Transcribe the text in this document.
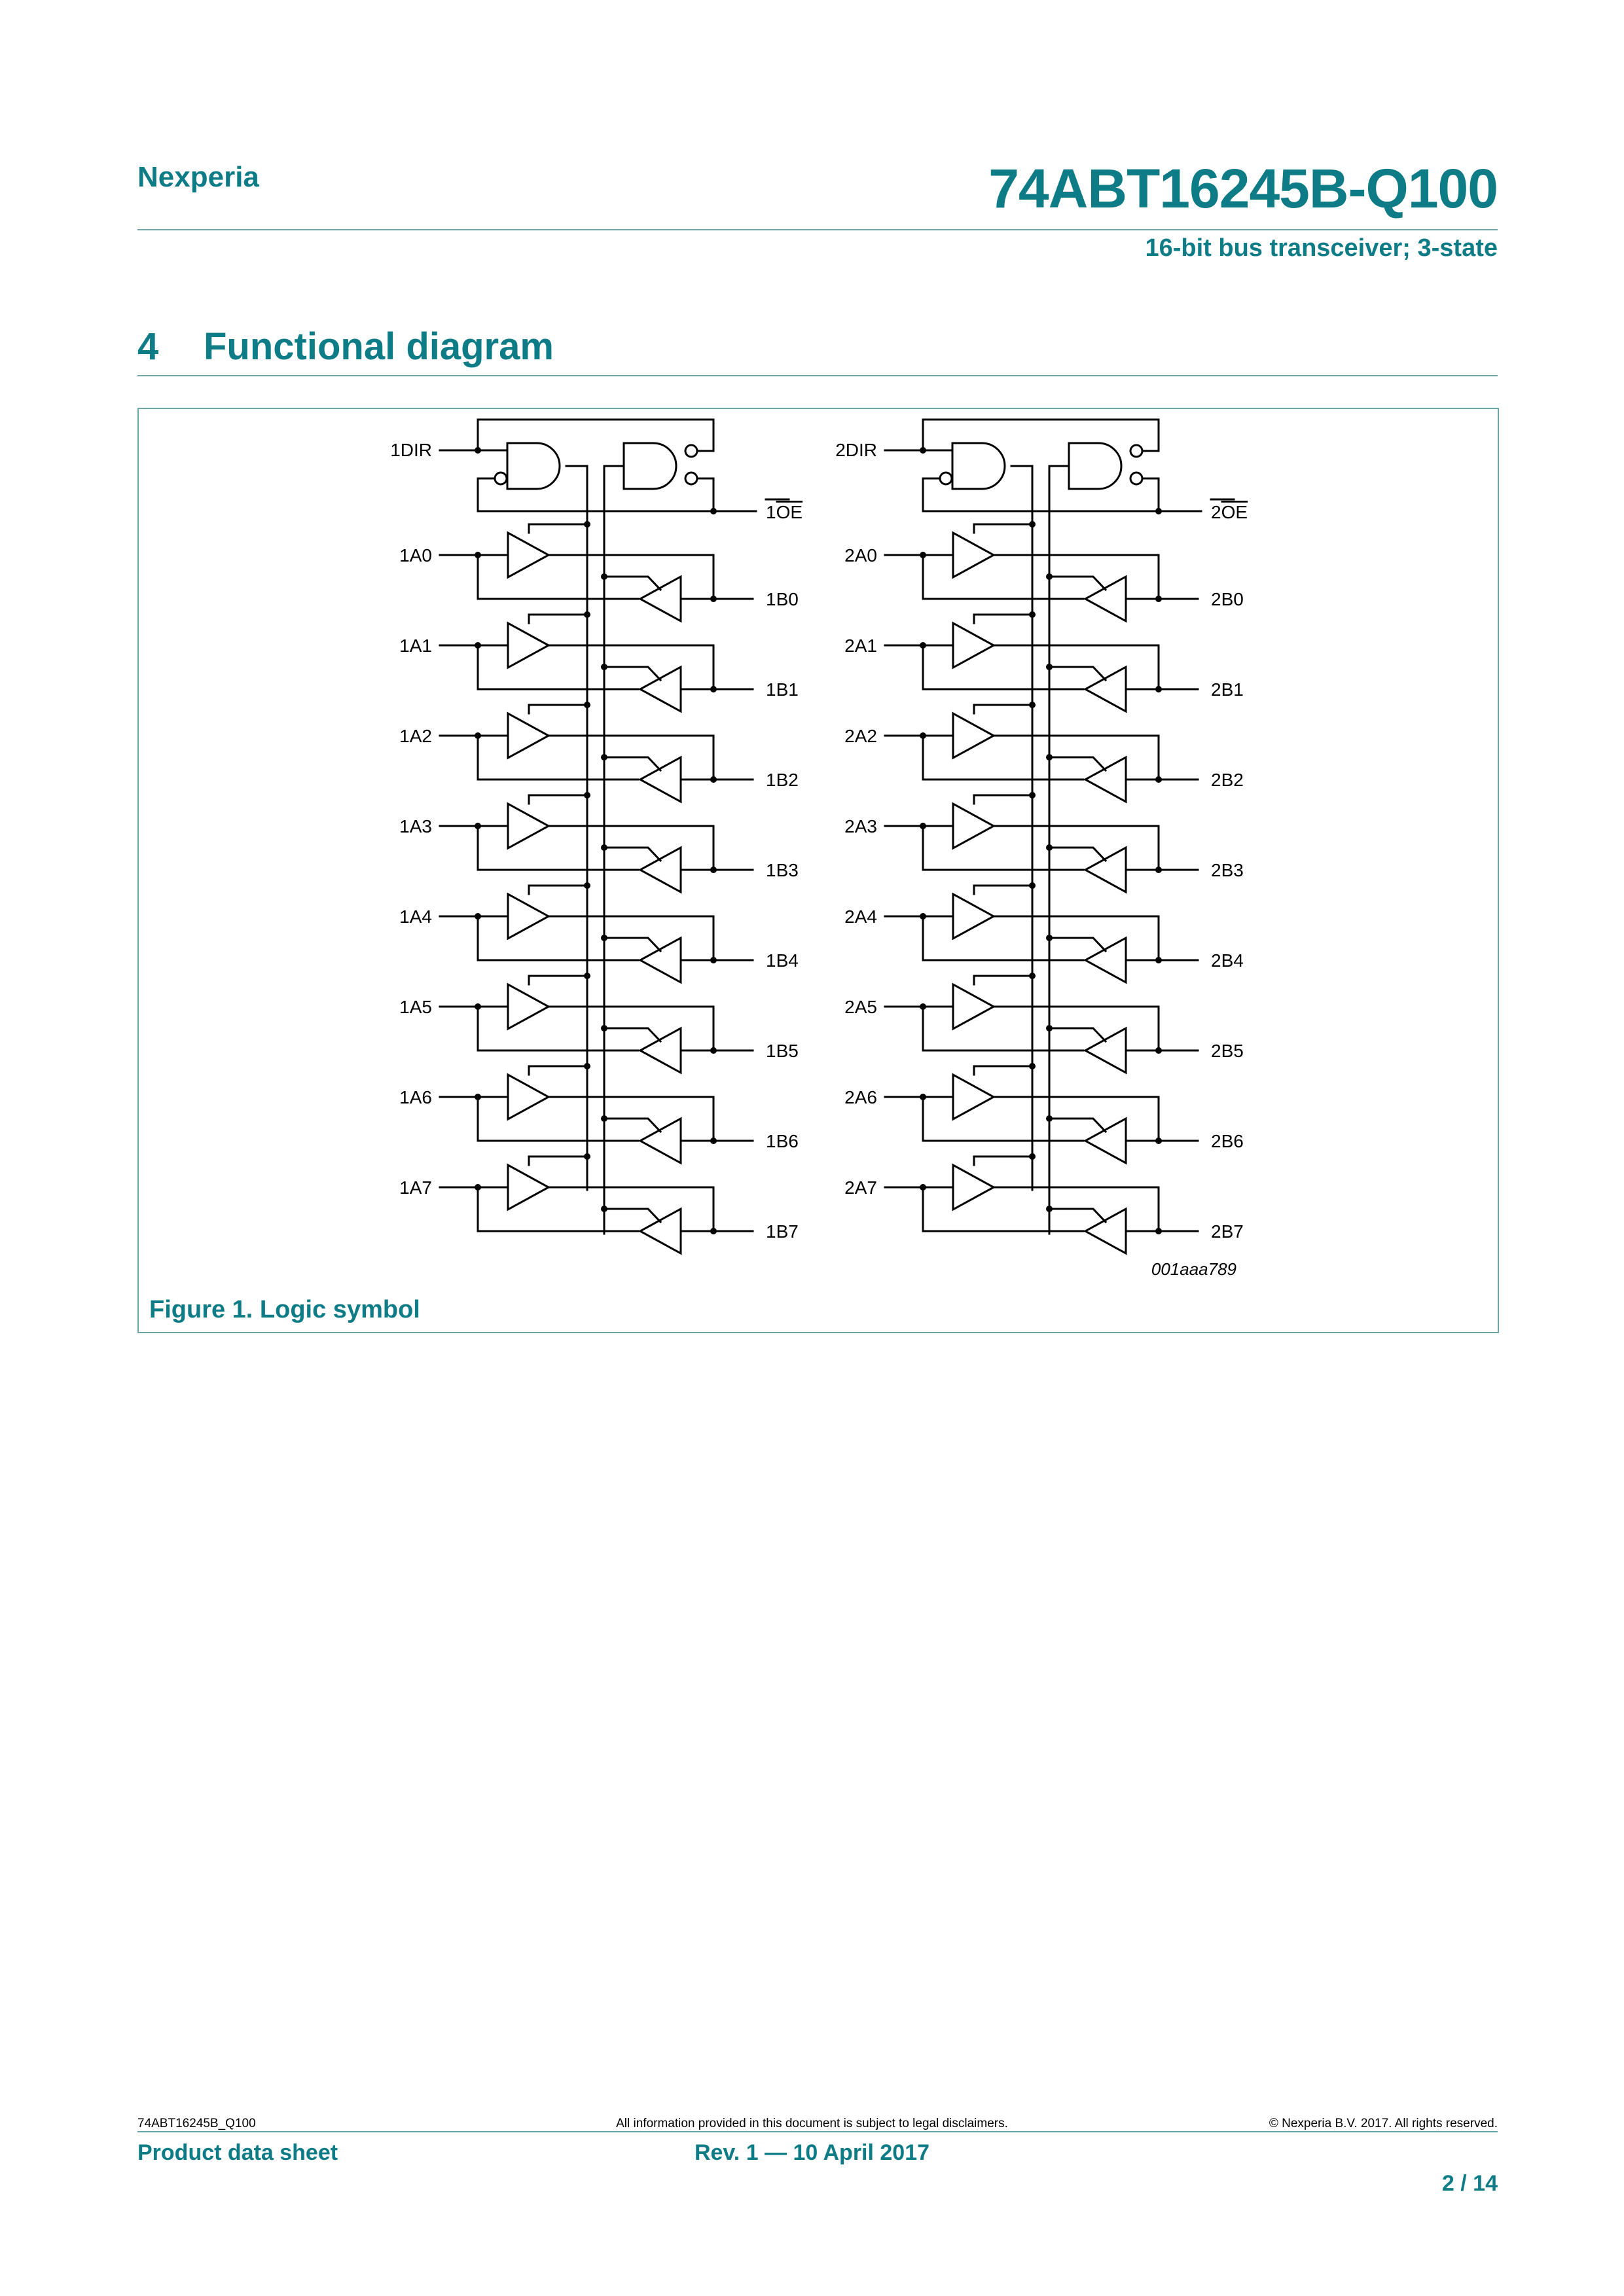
Nexperia	74ABT16245B-Q100
16-bit bus transceiver; 3-state
4 Functional diagram
001aaa789
1DIR
1OE
1A0
1B0
1A1
1B1
1A2
1B2
1A3
1B3
1A4
1B4
1A5
1B5
1A6
1B6
1A7
1B7
2DIR
2OE
2A0
2B0
2A1
2B1
2A2
2B2
2A3
2B3
2A4
2B4
2A5
2B5
2A6
2B6
2A7
2B7
Figure 1. Logic symbol
74ABT16245B_Q100	All information provided in this document is subject to legal disclaimers.	© Nexperia B.V. 2017. All rights reserved.
Product data sheet	Rev. 1 — 10 April 2017
2 / 14
